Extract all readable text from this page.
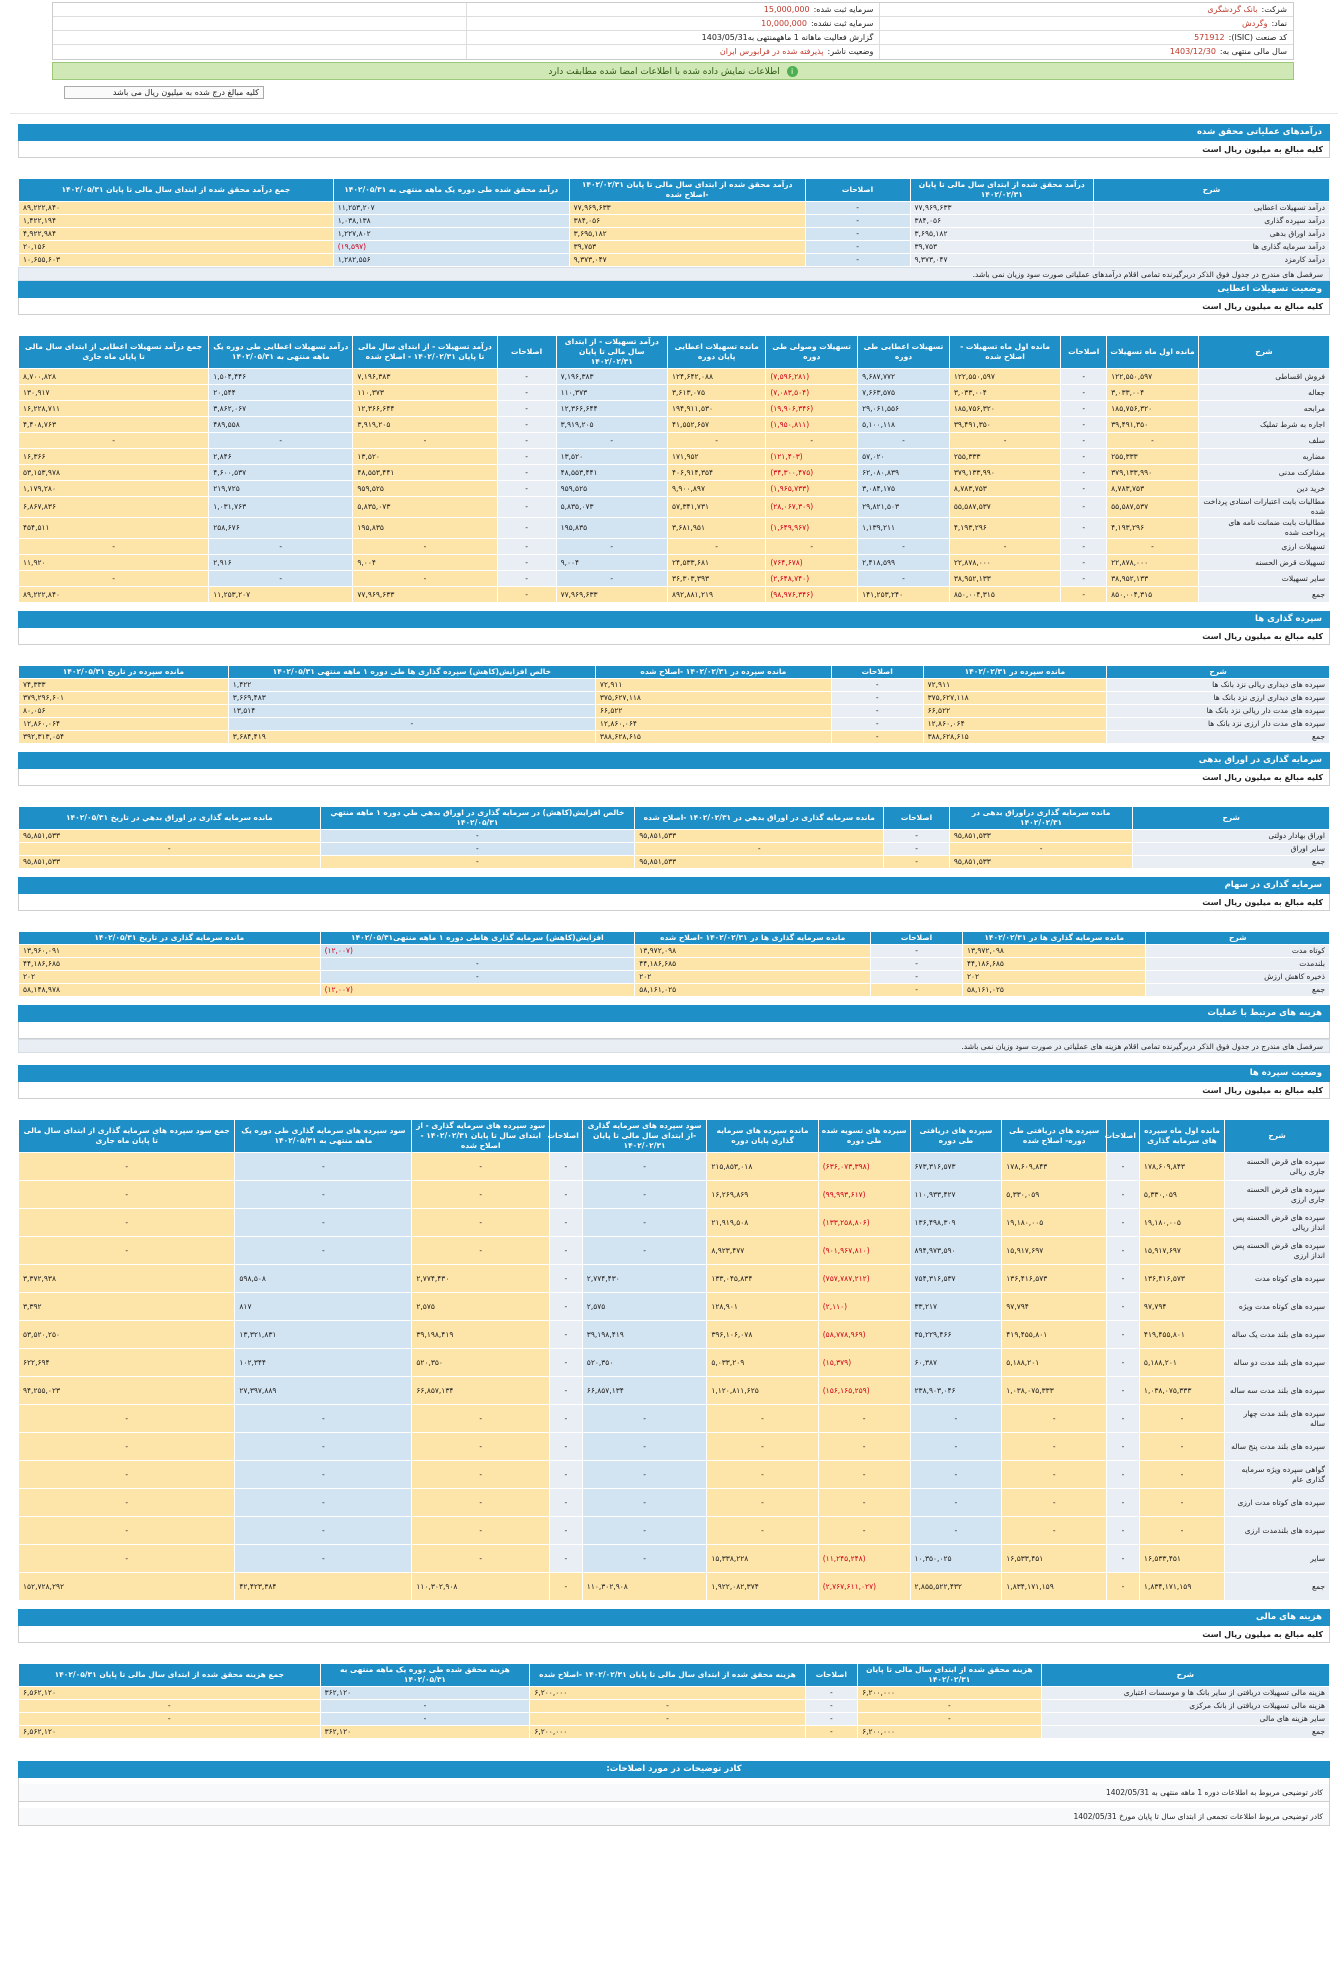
شرکت:
بانک گردشگری
سرمایه ثبت شده:
15,000,000
نماد:
وگردش
سرمایه ثبت نشده:
10,000,000
کد صنعت (ISIC):
571912
گزارش فعالیت ماهانه 1 ماههمنتهی به1403/05/31
سال مالی منتهی به:
1403/12/30
وضعیت ناشر:
پذیرفته شده در فرابورس ایران
i اطلاعات نمایش داده شده با اطلاعات امضا شده مطابقت دارد
کلیه مبالغ درج شده به میلیون ریال می باشد
درآمدهای عملیاتی محقق شده
کلیه مبالغ به میلیون ریال است
شرح	درآمد محقق شده از ابتدای سال مالی تا پایان ۱۴۰۲/۰۲/۳۱	اصلاحات	درآمد محقق شده از ابتدای سال مالی تا پایان ۱۴۰۲/۰۲/۳۱ -اصلاح شده	درآمد محقق شده طی دوره یک ماهه منتهی به ۱۴۰۲/۰۵/۳۱	جمع درآمد محقق شده از ابتدای سال مالی تا پایان ۱۴۰۲/۰۵/۳۱
درآمد تسهیلات اعطایی	۷۷,۹۶۹,۶۳۳	-	۷۷,۹۶۹,۶۳۳	۱۱,۲۵۳,۲۰۷	۸۹,۲۲۲,۸۴۰
درآمد سپرده گذاری	۳۸۴,۰۵۶	-	۳۸۴,۰۵۶	۱,۰۳۸,۱۳۸	۱,۴۲۲,۱۹۴
درآمد اوراق بدهی	۳,۶۹۵,۱۸۲	-	۳,۶۹۵,۱۸۲	۱,۲۲۷,۸۰۲	۴,۹۲۲,۹۸۴
درآمد سرمایه گذاری ها	۳۹,۷۵۳	-	۳۹,۷۵۳	(۱۹,۵۹۷)	۲۰,۱۵۶
درآمد کارمزد	۹,۳۷۳,۰۴۷	-	۹,۳۷۳,۰۴۷	۱,۲۸۲,۵۵۶	۱۰,۶۵۵,۶۰۳
سرفصل های مندرج در جدول فوق الذکر دربرگیرنده تمامی اقلام درآمدهای عملیاتی صورت سود وزیان نمی باشد.
وضعیت تسهیلات اعطایی
کلیه مبالغ به میلیون ریال است
شرح	مانده اول ماه تسهیلات	اصلاحات	مانده اول ماه تسهیلات - اصلاح شده	تسهیلات اعطایی طی دوره	تسهیلات وصولی طی دوره	مانده تسهیلات اعطایی پایان دوره	درآمد تسهیلات - از ابتدای سال مالی تا پایان ۱۴۰۲/۰۲/۳۱	اصلاحات	درآمد تسهیلات - از ابتدای سال مالی تا پایان ۱۴۰۲/۰۲/۳۱ - اصلاح شده	درآمد تسهیلات اعطایی طی دوره یک ماهه منتهی به ۱۴۰۲/۰۵/۳۱	جمع درآمد تسهیلات اعطایی از ابتدای سال مالی تا پایان ماه جاری
فروش اقساطی	۱۲۲,۵۵۰,۵۹۷	-	۱۲۲,۵۵۰,۵۹۷	۹,۶۸۷,۷۷۲	(۷,۵۹۶,۲۸۱)	۱۲۴,۶۴۲,۰۸۸	۷,۱۹۶,۳۸۳	-	۷,۱۹۶,۳۸۳	۱,۵۰۴,۴۴۶	۸,۷۰۰,۸۲۸
جعاله	۳,۰۳۳,۰۰۴	-	۳,۰۳۳,۰۰۴	۷,۶۶۳,۵۷۵	(۷,۰۸۳,۵۰۴)	۳,۶۱۳,۰۷۵	۱۱۰,۳۷۳	-	۱۱۰,۳۷۳	۲۰,۵۴۴	۱۳۰,۹۱۷
مرابحه	۱۸۵,۷۵۶,۳۲۰	-	۱۸۵,۷۵۶,۳۲۰	۲۹,۰۶۱,۵۵۶	(۱۹,۹۰۶,۳۴۶)	۱۹۴,۹۱۱,۵۳۰	۱۲,۳۶۶,۶۴۴	-	۱۲,۳۶۶,۶۴۴	۳,۸۶۲,۰۶۷	۱۶,۲۲۸,۷۱۱
اجاره به شرط تملیک	۳۹,۴۹۱,۳۵۰	-	۳۹,۴۹۱,۳۵۰	۵,۱۰۰,۱۱۸	(۱,۹۵۰,۸۱۱)	۴۱,۵۵۲,۶۵۷	۳,۹۱۹,۲۰۵	-	۳,۹۱۹,۲۰۵	۴۸۹,۵۵۸	۴,۴۰۸,۷۶۳
سلف	-	-	-	-	-	-	-	-	-	-	-
مضاربه	۲۵۵,۳۳۳	-	۲۵۵,۳۳۳	۵۷,۰۲۰	(۱۲۱,۴۰۳)	۱۷۱,۹۵۲	۱۳,۵۲۰	-	۱۳,۵۲۰	۲,۸۴۶	۱۶,۳۶۶
مشارکت مدنی	۳۷۹,۱۳۳,۹۹۰	-	۳۷۹,۱۳۳,۹۹۰	۶۲,۰۸۰,۸۳۹	(۳۴,۳۰۰,۴۷۵)	۴۰۶,۹۱۴,۳۵۴	۴۸,۵۵۳,۴۴۱	-	۴۸,۵۵۳,۴۴۱	۴,۶۰۰,۵۳۷	۵۳,۱۵۳,۹۷۸
خرید دین	۸,۷۸۳,۷۵۳	-	۸,۷۸۳,۷۵۳	۳,۰۸۴,۱۷۵	(۱,۹۶۵,۷۳۳)	۹,۹۰۰,۸۹۷	۹۵۹,۵۲۵	-	۹۵۹,۵۲۵	۲۱۹,۷۲۵	۱,۱۷۹,۲۸۰
مطالبات بابت اعتبارات اسنادی پرداخت شده	۵۵,۵۸۷,۵۳۷	-	۵۵,۵۸۷,۵۳۷	۲۹,۸۲۱,۵۰۳	(۲۸,۰۶۷,۳۰۹)	۵۷,۳۴۱,۷۳۱	۵,۸۳۵,۰۷۳	-	۵,۸۳۵,۰۷۳	۱,۰۳۱,۷۶۳	۶,۸۶۷,۸۳۶
مطالبات بابت ضمانت نامه های پرداخت شده	۴,۱۹۳,۲۹۶	-	۴,۱۹۳,۲۹۶	۱,۱۳۹,۲۱۱	(۱,۶۴۹,۹۶۷)	۳,۶۸۱,۹۵۱	۱۹۵,۸۳۵	-	۱۹۵,۸۳۵	۲۵۸,۶۷۶	۴۵۴,۵۱۱
تسهیلات ارزی	-	-	-	-	-	-	-	-	-	-	-
تسهیلات قرض الحسنه	۲۲,۸۷۸,۰۰۰	-	۲۲,۸۷۸,۰۰۰	۲,۴۱۸,۵۹۹	(۷۶۴,۶۷۸)	۲۴,۵۳۳,۶۸۱	۹,۰۰۴	-	۹,۰۰۴	۲,۹۱۶	۱۱,۹۲۰
سایر تسهیلات	۳۸,۹۵۲,۱۳۳	-	۳۸,۹۵۲,۱۳۳	-	(۲,۶۴۸,۷۴۰)	۳۶,۳۰۳,۳۹۳	-	-	-	-	-
جمع	۸۵۰,۰۰۴,۳۱۵	-	۸۵۰,۰۰۴,۳۱۵	۱۴۱,۲۵۳,۲۴۰	(۹۸,۹۷۶,۳۴۶)	۸۹۲,۸۸۱,۲۱۹	۷۷,۹۶۹,۶۳۳	-	۷۷,۹۶۹,۶۳۳	۱۱,۲۵۳,۲۰۷	۸۹,۲۲۲,۸۴۰
سپرده گذاری ها
کلیه مبالغ به میلیون ریال است
شرح	مانده سپرده در ۱۴۰۲/۰۲/۳۱	اصلاحات	مانده سپرده در ۱۴۰۲/۰۲/۳۱ -اصلاح شده	خالص افزایش(کاهش) سپرده گذاری ها طی دوره ۱ ماهه منتهی ۱۴۰۲/۰۵/۳۱	مانده سپرده در تاریخ ۱۴۰۲/۰۵/۳۱
سپرده های دیداری ریالی نزد بانک ها	۷۲,۹۱۱	-	۷۲,۹۱۱	۱,۴۲۲	۷۴,۳۳۳
سپرده های دیداری ارزی نزد بانک ها	۳۷۵,۶۲۷,۱۱۸	-	۳۷۵,۶۲۷,۱۱۸	۳,۶۶۹,۴۸۳	۳۷۹,۲۹۶,۶۰۱
سپرده های مدت دار ریالی نزد بانک ها	۶۶,۵۲۲	-	۶۶,۵۲۲	۱۳,۵۱۴	۸۰,۰۵۶
سپرده های مدت دار ارزی نزد بانک ها	۱۲,۸۶۰,۰۶۴	-	۱۲,۸۶۰,۰۶۴	-	۱۲,۸۶۰,۰۶۴
جمع	۳۸۸,۶۲۸,۶۱۵	-	۳۸۸,۶۲۸,۶۱۵	۳,۶۸۴,۴۱۹	۳۹۲,۳۱۳,۰۵۴
سرمایه گذاری در اوراق بدهی
کلیه مبالغ به میلیون ریال است
شرح	مانده سرمایه گذاری دراوراق بدهی در ۱۴۰۲/۰۲/۳۱	اصلاحات	مانده سرمایه گذاری در اوراق بدهي در ۱۴۰۲/۰۲/۳۱ -اصلاح شده	خالص افزایش(کاهش) در سرمایه گذاری در اوراق بدهي طي دوره ۱ ماهه منتهي ۱۴۰۲/۰۵/۳۱	مانده سرمایه گذاری در اوراق بدهي در تاريخ ۱۴۰۲/۰۵/۳۱
اوراق بهادار دولتی	۹۵,۸۵۱,۵۳۳	-	۹۵,۸۵۱,۵۳۳	-	۹۵,۸۵۱,۵۳۳
سایر اوراق	-	-	-	-	-
جمع	۹۵,۸۵۱,۵۳۳	-	۹۵,۸۵۱,۵۳۳	-	۹۵,۸۵۱,۵۳۳
سرمایه گذاری در سهام
کلیه مبالغ به میلیون ریال است
شرح	مانده سرمایه گذاری ها در ۱۴۰۲/۰۲/۳۱	اصلاحات	مانده سرمایه گذاری ها در ۱۴۰۲/۰۲/۳۱ -اصلاح شده	افزایش(کاهش) سرمایه گذاری هاطی دوره ۱ ماهه منتهی۱۴۰۲/۰۵/۳۱	مانده سرمایه گذاری در تاریخ ۱۴۰۲/۰۵/۳۱
کوتاه مدت	۱۳,۹۷۲,۰۹۸	-	۱۳,۹۷۲,۰۹۸	(۱۲,۰۰۷)	۱۳,۹۶۰,۰۹۱
بلندمدت	۴۴,۱۸۶,۶۸۵	-	۴۴,۱۸۶,۶۸۵	-	۴۴,۱۸۶,۶۸۵
ذخیره کاهش ارزش	۲۰۲	-	۲۰۲	-	۲۰۲
جمع	۵۸,۱۶۱,۰۲۵	-	۵۸,۱۶۱,۰۲۵	(۱۲,۰۰۷)	۵۸,۱۴۸,۹۷۸
هزینه های مرتبط با عملیات
سرفصل های مندرج در جدول فوق الذکر دربرگیرنده تمامی اقلام هزینه های عملیاتی در صورت سود وزیان نمی باشد.
وضعیت سپرده ها
کلیه مبالغ به میلیون ریال است
شرح	مانده اول ماه سپرده های سرمایه گذاری	اصلاحات	سپرده های دریافتی طی دوره- اصلاح شده	سپرده های دریافتی طی دوره	سپرده های تسویه شده طی دوره	مانده سپرده های سرمایه گذاری پایان دوره	سود سپرده های سرمایه گذاری -از ابتدای سال مالی تا پایان ۱۴۰۲/۰۲/۳۱	اصلاحات	سود سپرده های سرمایه گذاری - از ابتدای سال تا پایان ۱۴۰۲/۰۲/۳۱ - اصلاح شده	سود سپرده های سرمایه گذاری طی دوره یک ماهه منتهی به ۱۴۰۲/۰۵/۳۱	جمع سود سپرده های سرمایه گذاری از ابتدای سال مالی تا پایان ماه جاری
سپرده های قرض الحسنه جاری ریالی	۱۷۸,۶۰۹,۸۴۳	-	۱۷۸,۶۰۹,۸۴۳	۶۷۳,۳۱۶,۵۷۳	(۶۳۶,۰۷۳,۳۹۸)	۲۱۵,۸۵۳,۰۱۸	-	-	-	-	-
سپرده های قرض الحسنه جاری ارزی	۵,۳۳۰,۰۵۹	-	۵,۳۳۰,۰۵۹	۱۱۰,۹۳۳,۴۲۷	(۹۹,۹۹۳,۶۱۷)	۱۶,۲۶۹,۸۶۹	-	-	-	-	-
سپرده های قرض الحسنه پس انداز ریالی	۱۹,۱۸۰,۰۰۵	-	۱۹,۱۸۰,۰۰۵	۱۳۶,۴۹۸,۳۰۹	(۱۳۳,۲۵۸,۸۰۶)	۲۱,۹۱۹,۵۰۸	-	-	-	-	-
سپرده های قرض الحسنه پس انداز ارزی	۱۵,۹۱۷,۶۹۷	-	۱۵,۹۱۷,۶۹۷	۸۹۴,۹۷۳,۵۹۰	(۹۰۱,۹۶۷,۸۱۰)	۸,۹۲۳,۴۷۷	-	-	-	-	-
سپرده های کوتاه مدت	۱۳۶,۴۱۶,۵۷۳	-	۱۳۶,۴۱۶,۵۷۳	۷۵۴,۳۱۶,۵۳۷	(۷۵۷,۷۸۷,۲۱۲)	۱۳۳,۰۴۵,۸۳۴	۲,۷۷۴,۴۳۰	-	۲,۷۷۴,۴۳۰	۵۹۸,۵۰۸	۳,۳۷۲,۹۳۸
سپرده های کوتاه مدت ویژه	۹۷,۷۹۴	-	۹۷,۷۹۴	۳۳,۲۱۷	(۲,۱۱۰)	۱۲۸,۹۰۱	۲,۵۷۵	-	۲,۵۷۵	۸۱۷	۳,۳۹۲
سپرده های بلند مدت یک ساله	۴۱۹,۴۵۵,۸۰۱	-	۴۱۹,۴۵۵,۸۰۱	۳۵,۲۲۹,۴۶۶	(۵۸,۷۷۸,۹۶۹)	۳۹۶,۱۰۶,۰۷۸	۳۹,۱۹۸,۴۱۹	-	۳۹,۱۹۸,۴۱۹	۱۳,۳۲۱,۸۳۱	۵۳,۵۲۰,۲۵۰
سپرده های بلند مدت دو ساله	۵,۱۸۸,۲۰۱	-	۵,۱۸۸,۲۰۱	۶۰,۳۸۷	(۱۵,۳۷۹)	۵,۰۳۳,۲۰۹	۵۲۰,۳۵۰	-	۵۲۰,۳۵۰	۱۰۲,۳۴۴	۶۲۲,۶۹۴
سپرده های بلند مدت سه ساله	۱,۰۳۸,۰۷۵,۳۳۳	-	۱,۰۳۸,۰۷۵,۳۳۳	۲۳۸,۹۰۳,۰۴۶	(۱۵۶,۱۶۵,۲۵۹)	۱,۱۲۰,۸۱۱,۶۲۵	۶۶,۸۵۷,۱۳۴	-	۶۶,۸۵۷,۱۳۴	۲۷,۳۹۷,۸۸۹	۹۴,۲۵۵,۰۲۳
سپرده های بلند مدت چهار ساله	-	-	-	-	-	-	-	-	-	-	-
سپرده های بلند مدت پنج ساله	-	-	-	-	-	-	-	-	-	-	-
گواهی سپرده ویژه سرمایه گذاری عام	-	-	-	-	-	-	-	-	-	-	-
سپرده های کوتاه مدت ارزی	-	-	-	-	-	-	-	-	-	-	-
سپرده های بلندمدت ارزی	-	-	-	-	-	-	-	-	-	-	-
سایر	۱۶,۵۳۳,۴۵۱	-	۱۶,۵۳۳,۴۵۱	۱۰,۳۵۰,۰۲۵	(۱۱,۲۴۵,۲۴۸)	۱۵,۳۳۸,۲۲۸	-	-	-	-	-
جمع	۱,۸۳۴,۱۷۱,۱۵۹	-	۱,۸۳۴,۱۷۱,۱۵۹	۲,۸۵۵,۵۲۲,۴۳۲	(۲,۷۶۷,۶۱۱,۰۲۷)	۱,۹۲۲,۰۸۲,۳۷۴	۱۱۰,۳۰۲,۹۰۸	-	۱۱۰,۳۰۲,۹۰۸	۴۲,۴۲۳,۳۸۴	۱۵۲,۷۲۸,۲۹۲
هزینه های مالی
کلیه مبالغ به میلیون ریال است
شرح	هزینه محقق شده از ابتدای سال مالی تا پایان ۱۴۰۲/۰۲/۳۱	اصلاحات	هزینه محقق شده از ابتدای سال مالی تا پایان ۱۴۰۲/۰۲/۳۱ -اصلاح شده	هزینه محقق شده طی دوره یک ماهه منتهی به ۱۴۰۲/۰۵/۳۱	جمع هزینه محقق شده از ابتدای سال مالی تا پایان ۱۴۰۲/۰۵/۳۱
هزینه مالی تسهیلات دریافتی از سایر بانک ها و موسسات اعتباری	۶,۲۰۰,۰۰۰	-	۶,۲۰۰,۰۰۰	۳۶۲,۱۲۰	۶,۵۶۲,۱۲۰
هزینه مالی تسهیلات دریافتی از بانک مرکزی	-	-	-	-	-
سایر هزینه های مالی	-	-	-	-	-
جمع	۶,۲۰۰,۰۰۰	-	۶,۲۰۰,۰۰۰	۳۶۲,۱۲۰	۶,۵۶۲,۱۲۰
کادر توضیحات در مورد اصلاحات:
کادر توضیحی مربوط به اطلاعات دوره 1 ماهه منتهی به 1402/05/31
کادر توضیحی مربوط اطلاعات تجمعی از ابتدای سال تا پایان مورخ 1402/05/31
